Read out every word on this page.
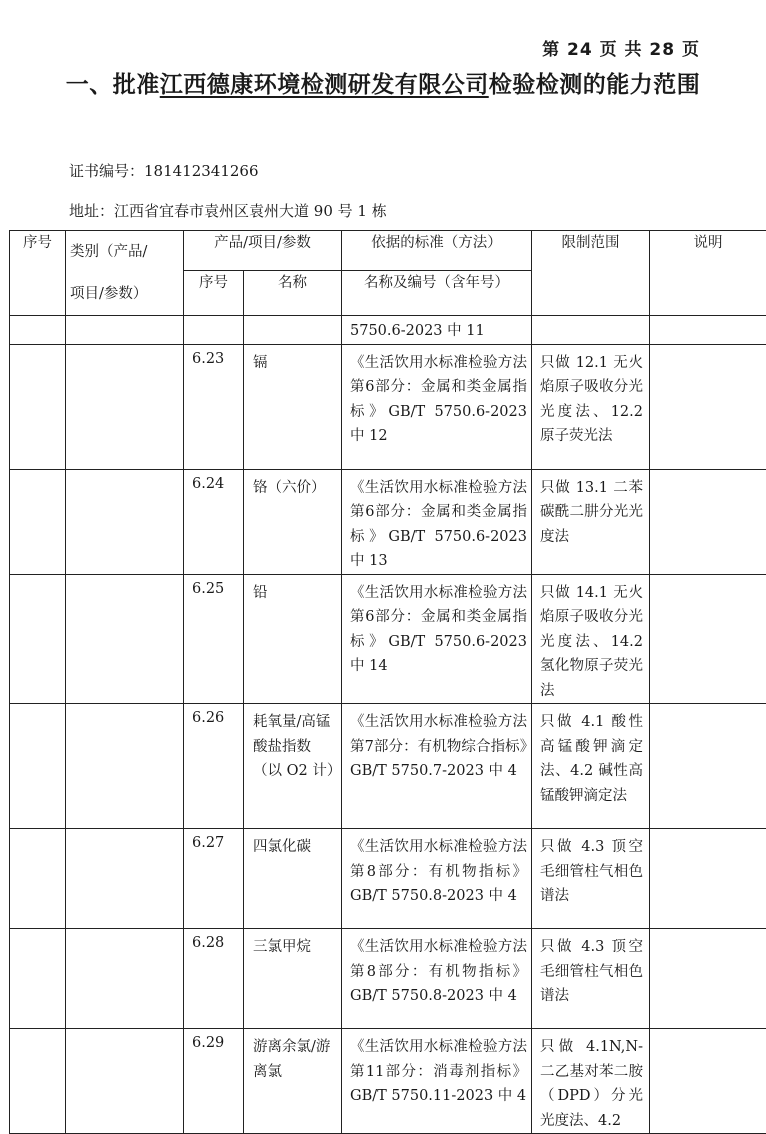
第 24 页 共 28 页
一、批准江西德康环境检测研发有限公司检验检测的能力范围
证书编号：181412341266
地址：江西省宜春市袁州区袁州大道 90 号 1 栋
序号	类别（产品/
项目/参数）	产品/项目/参数		依据的标准（方法）	限制范围	说明
		序号	名称	名称及编号（含年号）		
				5750.6-2023 中 11		
		6.23	镉	《生活饮用水标准检验方法　第6部分：金属和类金属指标》GB/T 5750.6-2023 中 12	只做 12.1 无火焰原子吸收分光光度法、12.2 原子荧光法	
		6.24	铬（六价）	《生活饮用水标准检验方法 第6部分：金属和类金属指标》GB/T 5750.6-2023 中 13	只做 13.1 二苯碳酰二肼分光光度法	
		6.25	铅	《生活饮用水标准检验方法 第6部分：金属和类金属指标》GB/T 5750.6-2023 中 14	只做 14.1 无火焰原子吸收分光光度法、14.2 氢化物原子荧光法	
		6.26	耗氧量/高锰酸盐指数（以 O2 计）	《生活饮用水标准检验方法 第7部分：有机物综合指标》GB/T 5750.7-2023 中 4	只做 4.1 酸性高锰酸钾滴定法、4.2 碱性高锰酸钾滴定法	
		6.27	四氯化碳	《生活饮用水标准检验方法 第8部分：有机物指标》GB/T 5750.8-2023 中 4	只做 4.3 顶空毛细管柱气相色谱法	
		6.28	三氯甲烷	《生活饮用水标准检验方法 第8部分：有机物指标》GB/T 5750.8-2023 中 4	只做 4.3 顶空毛细管柱气相色谱法	
		6.29	游离余氯/游离氯	《生活饮用水标准检验方法 第11部分：消毒剂指标》GB/T 5750.11-2023 中 4	只做 4.1N,N-二乙基对苯二胺（DPD）分光光度法、4.2	
